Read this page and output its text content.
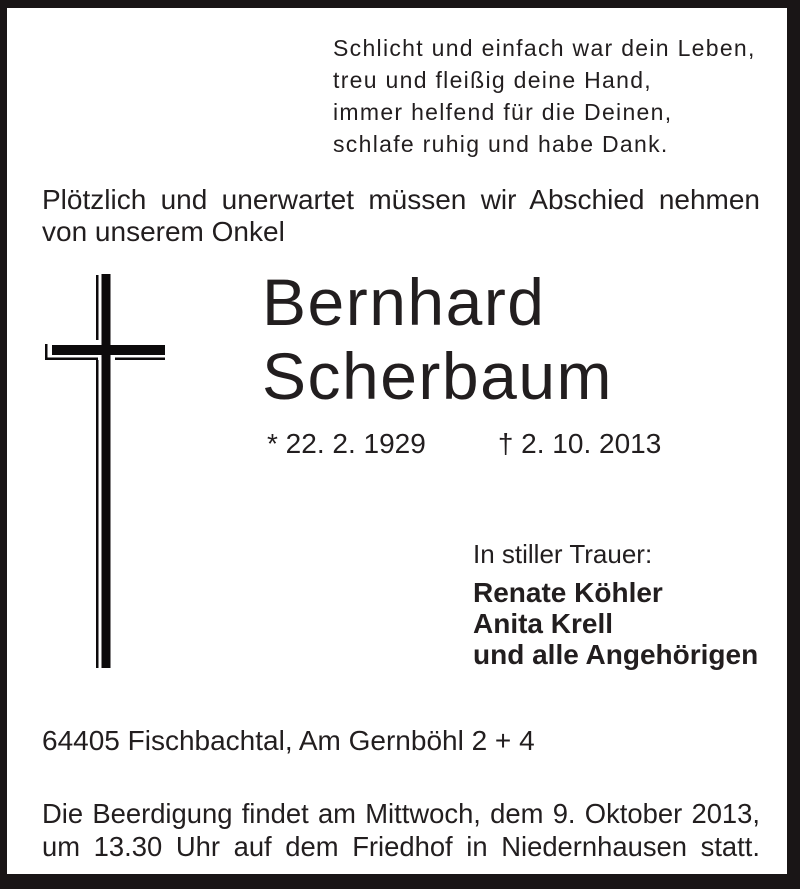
Schlicht und einfach war dein Leben,
treu und fleißig deine Hand,
immer helfend für die Deinen,
schlafe ruhig und habe Dank.
Plötzlich und unerwartet müssen wir Abschied nehmen
von unserem Onkel
Bernhard
Scherbaum
* 22. 2. 1929	† 2. 10. 2013
In stiller Trauer:
Renate Köhler
Anita Krell
und alle Angehörigen
64405 Fischbachtal, Am Gernböhl 2 + 4
Die Beerdigung findet am Mittwoch, dem 9. Oktober 2013,
um 13.30 Uhr auf dem Friedhof in Niedernhausen statt.
